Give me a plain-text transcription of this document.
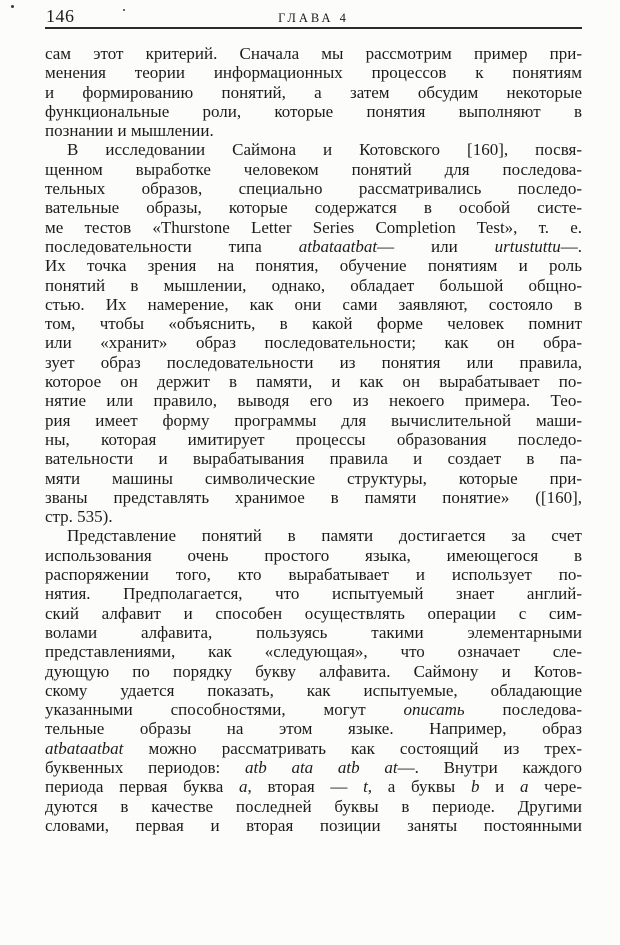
146	ГЛАВА 4
сам этот критерий. Сначала мы рассмотрим пример при-
менения теории информационных процессов к понятиям
и формированию понятий, а затем обсудим некоторые
функциональные роли, которые понятия выполняют в
познании и мышлении.
В исследовании Саймона и Котовского [160], посвя-
щенном выработке человеком понятий для последова-
тельных образов, специально рассматривались последо-
вательные образы, которые содержатся в особой систе-
ме тестов «Thurstone Letter Series Completion Test», т. е.
последовательности типа atbataatbat— или urtustuttu—.
Их точка зрения на понятия, обучение понятиям и роль
понятий в мышлении, однако, обладает большой общно-
стью. Их намерение, как они сами заявляют, состояло в
том, чтобы «объяснить, в какой форме человек помнит
или «хранит» образ последовательности; как он обра-
зует образ последовательности из понятия или правила,
которое он держит в памяти, и как он вырабатывает по-
нятие или правило, выводя его из некоего примера. Тео-
рия имеет форму программы для вычислительной маши-
ны, которая имитирует процессы образования последо-
вательности и вырабатывания правила и создает в па-
мяти машины символические структуры, которые при-
званы представлять хранимое в памяти понятие» ([160],
стр. 535).
Представление понятий в памяти достигается за счет
использования очень простого языка, имеющегося в
распоряжении того, кто вырабатывает и использует по-
нятия. Предполагается, что испытуемый знает англий-
ский алфавит и способен осуществлять операции с сим-
волами алфавита, пользуясь такими элементарными
представлениями, как «следующая», что означает сле-
дующую по порядку букву алфавита. Саймону и Котов-
скому удается показать, как испытуемые, обладающие
указанными способностями, могут описать последова-
тельные образы на этом языке. Например, образ
atbataatbat можно рассматривать как состоящий из трех-
буквенных периодов: atb ata atb at—. Внутри каждого
периода первая буква a, вторая — t, а буквы b и a чере-
дуются в качестве последней буквы в периоде. Другими
словами, первая и вторая позиции заняты постоянными
